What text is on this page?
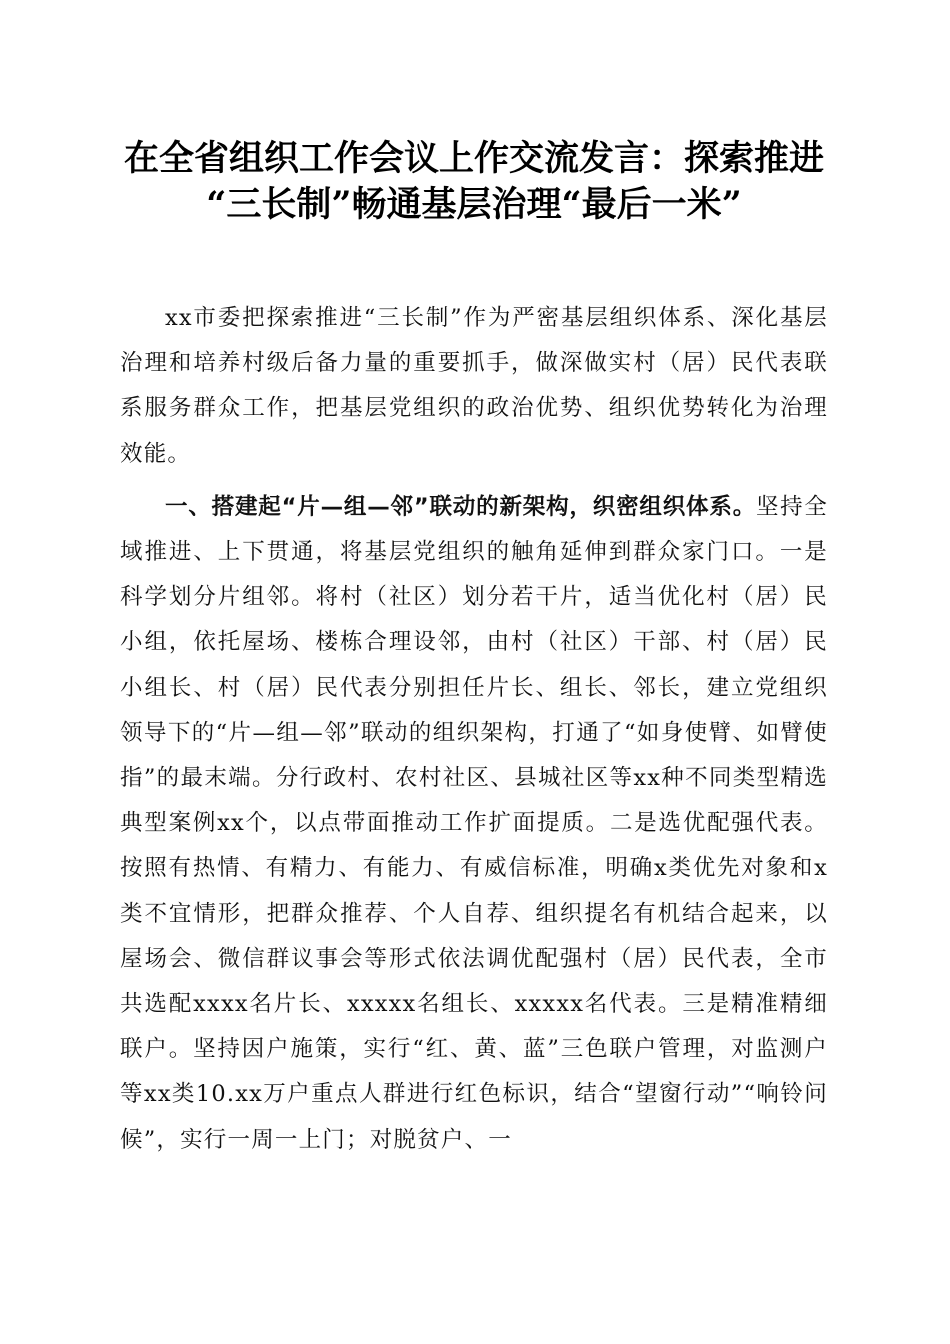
在全省组织工作会议上作交流发言：探索推进
“三长制”畅通基层治理“最后一米”

xx市委把探索推进“三长制”作为严密基层组织体系、深化基层治理和培养村级后备力量的重要抓手，做深做实村（居）民代表联系服务群众工作，把基层党组织的政治优势、组织优势转化为治理效能。

一、搭建起“片—组—邻”联动的新架构，织密组织体系。坚持全域推进、上下贯通，将基层党组织的触角延伸到群众家门口。一是科学划分片组邻。将村（社区）划分若干片，适当优化村（居）民小组，依托屋场、楼栋合理设邻，由村（社区）干部、村（居）民小组长、村（居）民代表分别担任片长、组长、邻长，建立党组织领导下的“片—组—邻”联动的组织架构，打通了“如身使臂、如臂使指”的最末端。分行政村、农村社区、县城社区等xx种不同类型精选典型案例xx个，以点带面推动工作扩面提质。二是选优配强代表。按照有热情、有精力、有能力、有威信标准，明确x类优先对象和x类不宜情形，把群众推荐、个人自荐、组织提名有机结合起来，以屋场会、微信群议事会等形式依法调优配强村（居）民代表，全市共选配xxxx名片长、xxxxx名组长、xxxxx名代表。三是精准精细联户。坚持因户施策，实行“红、黄、蓝”三色联户管理，对监测户等xx类10.xx万户重点人群进行红色标识，结合“望窗行动”“响铃问候”，实行一周一上门；对脱贫户、一
